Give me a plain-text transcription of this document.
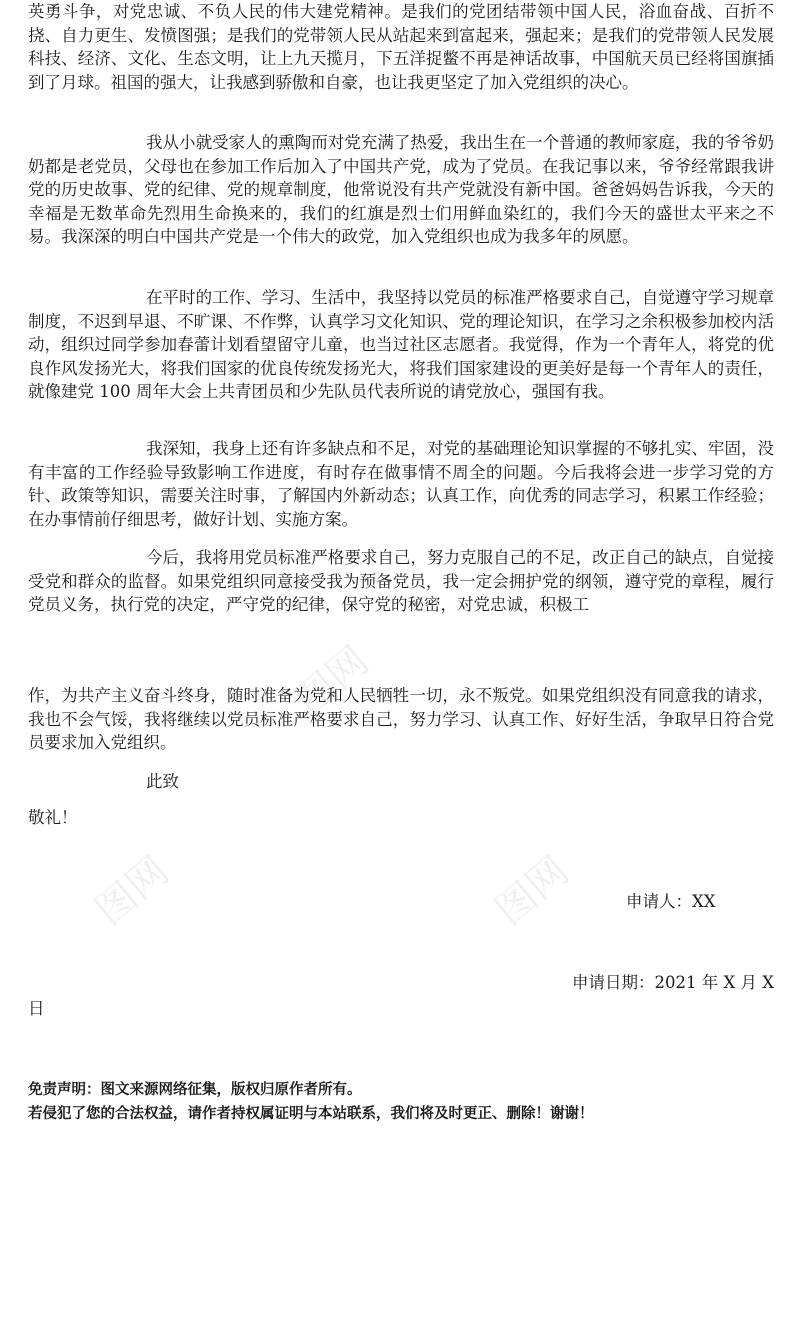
英勇斗争，对党忠诚、不负人民的伟大建党精神。是我们的党团结带领中国人民，浴血奋战、百折不挠、自力更生、发愤图强；是我们的党带领人民从站起来到富起来，强起来；是我们的党带领人民发展科技、经济、文化、生态文明，让上九天揽月，下五洋捉鳖不再是神话故事，中国航天员已经将国旗插到了月球。祖国的强大，让我感到骄傲和自豪，也让我更坚定了加入党组织的决心。

我从小就受家人的熏陶而对党充满了热爱，我出生在一个普通的教师家庭，我的爷爷奶奶都是老党员，父母也在参加工作后加入了中国共产党，成为了党员。在我记事以来，爷爷经常跟我讲党的历史故事、党的纪律、党的规章制度，他常说没有共产党就没有新中国。爸爸妈妈告诉我，今天的幸福是无数革命先烈用生命换来的，我们的红旗是烈士们用鲜血染红的，我们今天的盛世太平来之不易。我深深的明白中国共产党是一个伟大的政党，加入党组织也成为我多年的夙愿。

在平时的工作、学习、生活中，我坚持以党员的标准严格要求自己，自觉遵守学习规章制度，不迟到早退、不旷课、不作弊，认真学习文化知识、党的理论知识，在学习之余积极参加校内活动，组织过同学参加春蕾计划看望留守儿童，也当过社区志愿者。我觉得，作为一个青年人，将党的优良作风发扬光大，将我们国家的优良传统发扬光大，将我们国家建设的更美好是每一个青年人的责任，就像建党 100 周年大会上共青团员和少先队员代表所说的请党放心，强国有我。

我深知，我身上还有许多缺点和不足，对党的基础理论知识掌握的不够扎实、牢固，没有丰富的工作经验导致影响工作进度，有时存在做事情不周全的问题。今后我将会进一步学习党的方针、政策等知识，需要关注时事，了解国内外新动态；认真工作，向优秀的同志学习，积累工作经验；在办事情前仔细思考，做好计划、实施方案。

今后，我将用党员标准严格要求自己，努力克服自己的不足，改正自己的缺点，自觉接受党和群众的监督。如果党组织同意接受我为预备党员，我一定会拥护党的纲领，遵守党的章程，履行党员义务，执行党的决定，严守党的纪律，保守党的秘密，对党忠诚，积极工

作，为共产主义奋斗终身，随时准备为党和人民牺牲一切，永不叛党。如果党组织没有同意我的请求，我也不会气馁，我将继续以党员标准严格要求自己，努力学习、认真工作、好好生活，争取早日符合党员要求加入党组织。

此致

敬礼！

申请人：XX

申请日期：2021 年 X 月 X

日

免责声明：图文来源网络征集，版权归原作者所有。

若侵犯了您的合法权益，请作者持权属证明与本站联系，我们将及时更正、删除！谢谢！

图网
图网	图网
